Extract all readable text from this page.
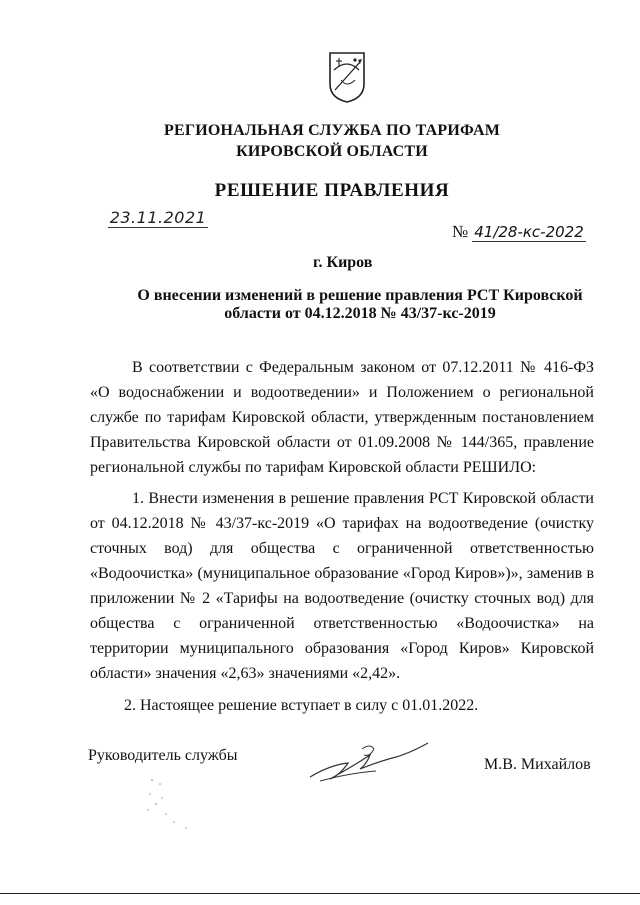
РЕГИОНАЛЬНАЯ СЛУЖБА ПО ТАРИФАМ
КИРОВСКОЙ ОБЛАСТИ
РЕШЕНИЕ ПРАВЛЕНИЯ
23.11.2021
№ 41/28-кс-2022
г. Киров
О внесении изменений в решение правления РСТ Кировской
области от 04.12.2018 № 43/37-кс-2019
В соответствии с Федеральным законом от 07.12.2011 № 416-ФЗ «О водоснабжении и водоотведении» и Положением о региональной службе по тарифам Кировской области, утвержденным постановлением Правительства Кировской области от 01.09.2008 № 144/365, правление региональной службы по тарифам Кировской области РЕШИЛО:
1. Внести изменения в решение правления РСТ Кировской области от 04.12.2018 № 43/37-кс-2019 «О тарифах на водоотведение (очистку сточных вод) для общества с ограниченной ответственностью «Водоочистка» (муниципальное образование «Город Киров»)», заменив в приложении № 2 «Тарифы на водоотведение (очистку сточных вод) для общества с ограниченной ответственностью «Водоочистка» на территории муниципального образования «Город Киров» Кировской области» значения «2,63» значениями «2,42».
2. Настоящее решение вступает в силу с 01.01.2022.
Руководитель службы
М.В. Михайлов
